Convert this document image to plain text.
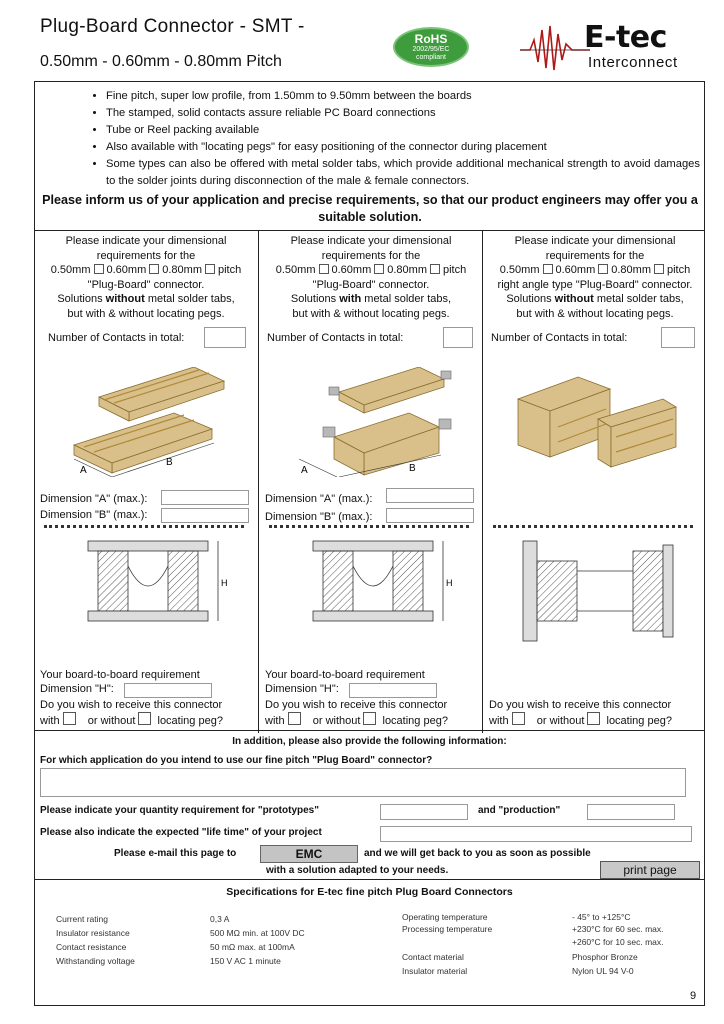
Plug-Board Connector - SMT -
0.50mm - 0.60mm - 0.80mm Pitch
RoHS
2002/95/EC
compliant
E-tec
Interconnect
• Fine pitch, super low profile, from 1.50mm to 9.50mm between the boards
• The stamped, solid contacts assure reliable PC Board connections
• Tube or Reel packing available
• Also available with "locating pegs" for easy positioning of the connector during placement
• Some types can also be offered with metal solder tabs, which provide additional mechanical strength to avoid damages to the solder joints during disconnection of the male & female connectors.
Please inform us of your application and precise requirements, so that our product engineers may offer you a suitable solution.
Please indicate your dimensional
requirements for the
0.50mm 0.60mm 0.80mm pitch
"Plug-Board" connector.
Solutions without metal solder tabs,
but with & without locating pegs.
Number of Contacts in total:
A
B
Dimension "A" (max.):
Dimension "B" (max.):
H
Your board-to-board requirement
Dimension "H":
Do you wish to receive this connector
with	or without locating peg?
Please indicate your dimensional
requirements for the
0.50mm 0.60mm 0.80mm pitch
"Plug-Board" connector.
Solutions with metal solder tabs,
but with & without locating pegs.
Number of Contacts in total:
A	B
Dimension "A" (max.):
Dimension "B" (max.):
H
Your board-to-board requirement
Dimension "H":
Do you wish to receive this connector
with	or without locating peg?
Please indicate your dimensional
requirements for the
0.50mm 0.60mm 0.80mm pitch
right angle type "Plug-Board" connector.
Solutions without metal solder tabs,
but with & without locating pegs.
Number of Contacts in total:
Do you wish to receive this connector
with	or without locating peg?
In addition, please also provide the following information:
For which application do you intend to use our fine pitch "Plug Board" connector?
Please indicate your quantity requirement for "prototypes"	and "production"
Please also indicate the expected "life time" of your project
Please e-mail this page to	EMC	and we will get back to you as soon as possible
with a solution adapted to your needs.	print page
Specifications for E-tec fine pitch Plug Board Connectors
Current rating	0,3 A
Insulator resistance	500 MΩ min. at 100V DC
Contact resistance	50 mΩ max. at 100mA
Withstanding voltage	150 V AC 1 minute
Operating temperature	- 45° to +125°C
Processing temperature	+230°C for 60 sec. max.
+260°C for 10 sec. max.
Contact material	Phosphor Bronze
Insulator material	Nylon UL 94 V-0
9
